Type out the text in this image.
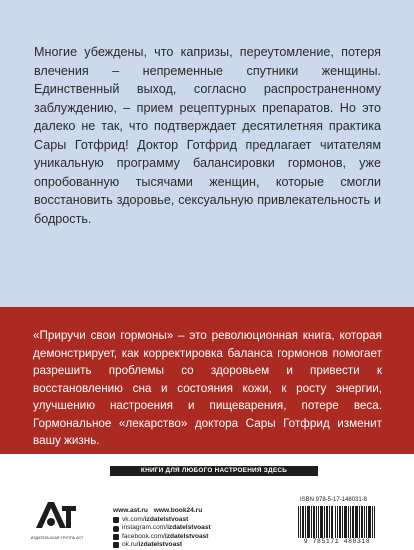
Многие убеждены, что капризы, переутомление, потеря влечения – непременные спутники женщины. Единственный выход, согласно распространенному заблуждению, – прием рецептурных препаратов. Но это далеко не так, что подтверждает десятилетняя практика Сары Готфрид! Доктор Готфрид предлагает читателям уникальную программу балансировки гормонов, уже опробованную тысячами женщин, которые смогли восстановить здоровье, сексуальную привлекательность и бодрость.
«Приручи свои гормоны» – это революционная книга, которая демонстрирует, как корректировка баланса гормонов помогает разрешить проблемы со здоровьем и привести к восстановлению сна и состояния кожи, к росту энергии, улучшению настроения и пищеварения, потере веса. Гормональное «лекарство» доктора Сары Готфрид изменит вашу жизнь.
КНИГИ ДЛЯ ЛЮБОГО НАСТРОЕНИЯ ЗДЕСЬ
ИЗДАТЕЛЬСКАЯ ГРУППА АСТ
www.ast.ru www.book24.ru
vk.com/izdatelstvoast
instagram.com/izdatelstvoast
facebook.com/izdatelstvoast
ok.ru/izdatelstvoast
ISBN 978-5-17-148031-8
9 785171 480318
